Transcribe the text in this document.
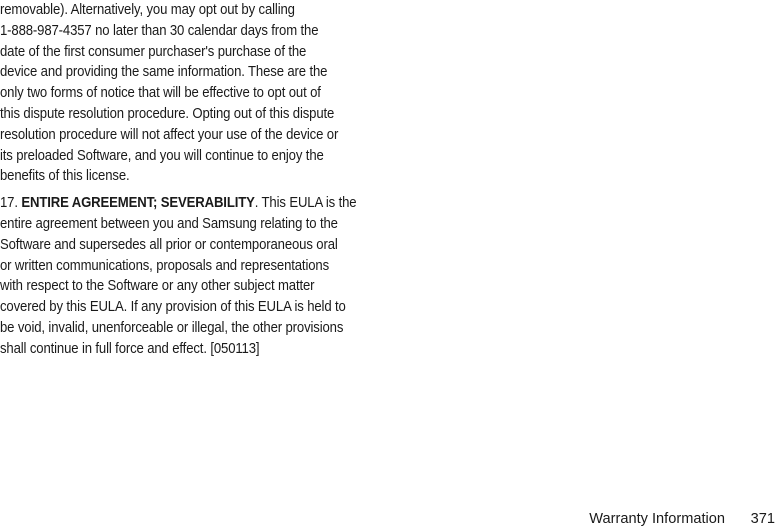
removable). Alternatively, you may opt out by calling
1-888-987-4357 no later than 30 calendar days from the
date of the first consumer purchaser's purchase of the
device and providing the same information. These are the
only two forms of notice that will be effective to opt out of
this dispute resolution procedure. Opting out of this dispute
resolution procedure will not affect your use of the device or
its preloaded Software, and you will continue to enjoy the
benefits of this license.
17. ENTIRE AGREEMENT; SEVERABILITY. This EULA is the
entire agreement between you and Samsung relating to the
Software and supersedes all prior or contemporaneous oral
or written communications, proposals and representations
with respect to the Software or any other subject matter
covered by this EULA. If any provision of this EULA is held to
be void, invalid, unenforceable or illegal, the other provisions
shall continue in full force and effect. [050113]
Warranty Information 371
